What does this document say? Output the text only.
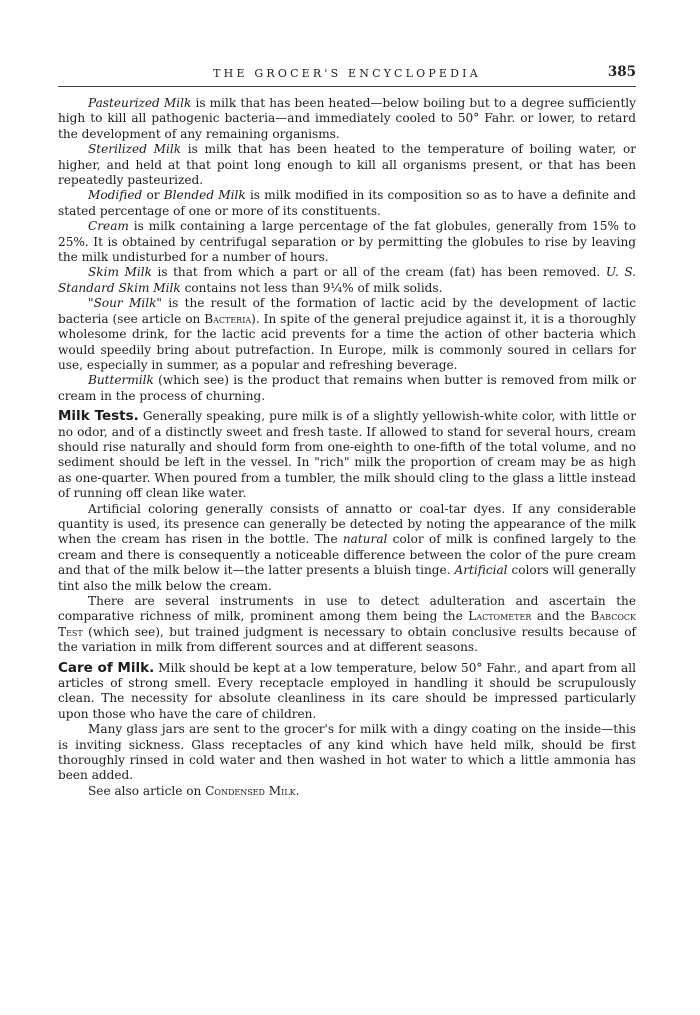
THE GROCER'S ENCYCLOPEDIA	385

Pasteurized Milk is milk that has been heated—below boiling but to a degree sufficiently high to kill all pathogenic bacteria—and immediately cooled to 50° Fahr. or lower, to retard the development of any remaining organisms.

Sterilized Milk is milk that has been heated to the temperature of boiling water, or higher, and held at that point long enough to kill all organisms present, or that has been repeatedly pasteurized.

Modified or Blended Milk is milk modified in its composition so as to have a definite and stated percentage of one or more of its constituents.

Cream is milk containing a large percentage of the fat globules, generally from 15% to 25%. It is obtained by centrifugal separation or by permitting the globules to rise by leaving the milk undisturbed for a number of hours.

Skim Milk is that from which a part or all of the cream (fat) has been removed. U. S. Standard Skim Milk contains not less than 9¼% of milk solids.

"Sour Milk" is the result of the formation of lactic acid by the development of lactic bacteria (see article on Bacteria). In spite of the general prejudice against it, it is a thoroughly wholesome drink, for the lactic acid prevents for a time the action of other bacteria which would speedily bring about putrefaction. In Europe, milk is commonly soured in cellars for use, especially in summer, as a popular and refreshing beverage.

Buttermilk (which see) is the product that remains when butter is removed from milk or cream in the process of churning.

Milk Tests. Generally speaking, pure milk is of a slightly yellowish-white color, with little or no odor, and of a distinctly sweet and fresh taste. If allowed to stand for several hours, cream should rise naturally and should form from one-eighth to one-fifth of the total volume, and no sediment should be left in the vessel. In "rich" milk the proportion of cream may be as high as one-quarter. When poured from a tumbler, the milk should cling to the glass a little instead of running off clean like water.

Artificial coloring generally consists of annatto or coal-tar dyes. If any considerable quantity is used, its presence can generally be detected by noting the appearance of the milk when the cream has risen in the bottle. The natural color of milk is confined largely to the cream and there is consequently a noticeable difference between the color of the pure cream and that of the milk below it—the latter presents a bluish tinge. Artificial colors will generally tint also the milk below the cream.

There are several instruments in use to detect adulteration and ascertain the comparative richness of milk, prominent among them being the Lactometer and the Babcock Test (which see), but trained judgment is necessary to obtain conclusive results because of the variation in milk from different sources and at different seasons.

Care of Milk. Milk should be kept at a low temperature, below 50° Fahr., and apart from all articles of strong smell. Every receptacle employed in handling it should be scrupulously clean. The necessity for absolute cleanliness in its care should be impressed particularly upon those who have the care of children.

Many glass jars are sent to the grocer's for milk with a dingy coating on the inside—this is inviting sickness. Glass receptacles of any kind which have held milk, should be first thoroughly rinsed in cold water and then washed in hot water to which a little ammonia has been added.

See also article on Condensed Milk.
